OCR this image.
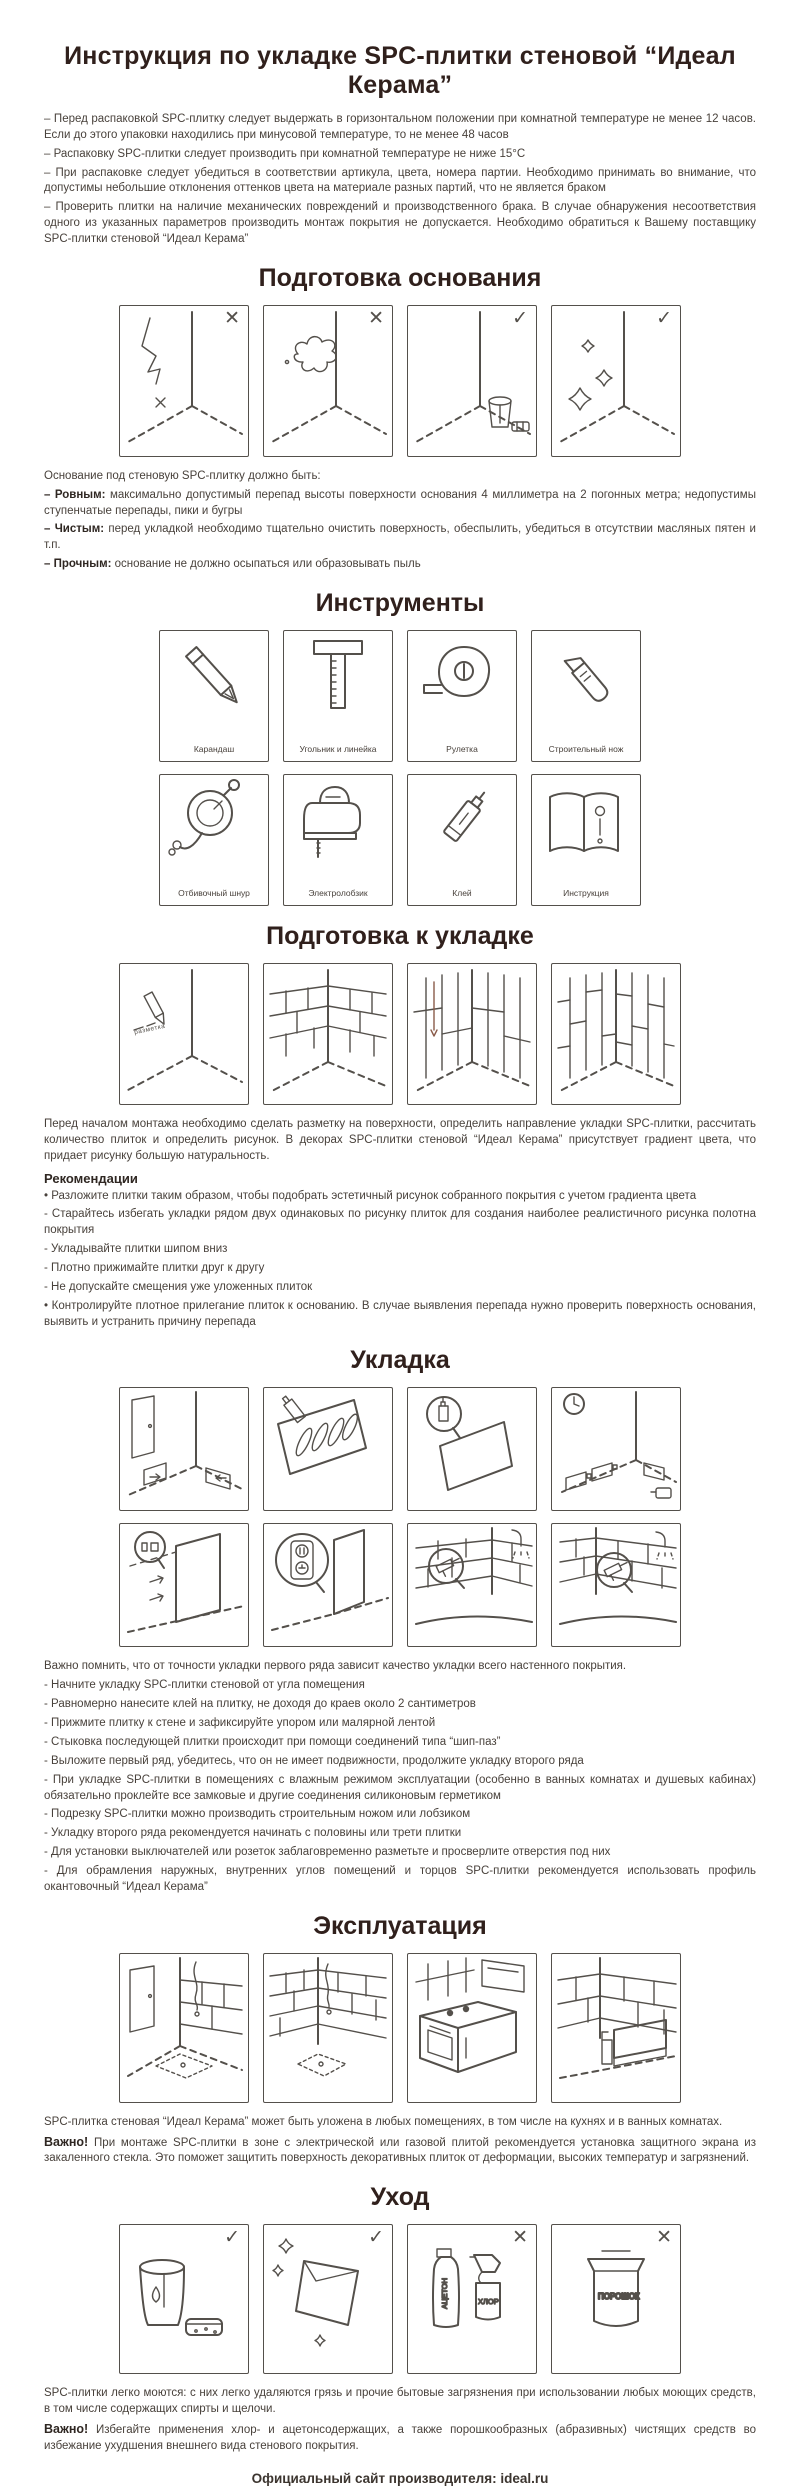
Инструкция по укладке SPC-плитки стеновой “Идеал Керама”

– Перед распаковкой SPC-плитку следует выдержать в горизонтальном положении при комнатной температуре не менее 12 часов. Если до этого упаковки находились при минусовой температуре, то не менее 48 часов

– Распаковку SPC-плитки следует производить при комнатной температуре не ниже 15°С

– При распаковке следует убедиться в соответствии артикула, цвета, номера партии. Необходимо принимать во внимание, что допустимы небольшие отклонения оттенков цвета на материале разных партий, что не является браком

– Проверить плитки на наличие механических повреждений и производственного брака. В случае обнаружения несоответствия одного из указанных параметров производить монтаж покрытия не допускается. Необходимо обратиться к Вашему поставщику SPC-плитки стеновой “Идеал Керама”

Подготовка основания
✕	✕	✓	✓

Основание под стеновую SPC-плитку должно быть:

– Ровным: максимально допустимый перепад высоты поверхности основания 4 миллиметра на 2 погонных метра; недопустимы ступенчатые перепады, пики и бугры

– Чистым: перед укладкой необходимо тщательно очистить поверхность, обеспылить, убедиться в отсутствии масляных пятен и т.п.

– Прочным: основание не должно осыпаться или образовывать пыль

Инструменты
Карандаш	Угольник и линейка	Рулетка	Строительный нож
Отбивочный шнур	Электролобзик	Клей	Инструкция
Подготовка к укладке
разметка

Перед началом монтажа необходимо сделать разметку на поверхности, определить направление укладки SPC-плитки, рассчитать количество плиток и определить рисунок. В декорах SPC-плитки стеновой “Идеал Керама” присутствует градиент цвета, что придает рисунку большую натуральность.

Рекомендации

• Разложите плитки таким образом, чтобы подобрать эстетичный рисунок собранного покрытия с учетом градиента цвета

- Старайтесь избегать укладки рядом двух одинаковых по рисунку плиток для создания наиболее реалистичного рисунка полотна покрытия

- Укладывайте плитки шипом вниз

- Плотно прижимайте плитки друг к другу

- Не допускайте смещения уже уложенных плиток

• Контролируйте плотное прилегание плиток к основанию. В случае выявления перепада нужно проверить поверхность основания, выявить и устранить причину перепада

Укладка

Важно помнить, что от точности укладки первого ряда зависит качество укладки всего настенного покрытия.

- Начните укладку SPC-плитки стеновой от угла помещения

- Равномерно нанесите клей на плитку, не доходя до краев около 2 сантиметров

- Прижмите плитку к стене и зафиксируйте упором или малярной лентой

- Стыковка последующей плитки происходит при помощи соединений типа “шип-паз”

- Выложите первый ряд, убедитесь, что он не имеет подвижности, продолжите укладку второго ряда

- При укладке SPC-плитки в помещениях с влажным режимом эксплуатации (особенно в ванных комнатах и душевых кабинах) обязательно проклейте все замковые и другие соединения силиконовым герметиком

- Подрезку SPC-плитки можно производить строительным ножом или лобзиком

- Укладку второго ряда рекомендуется начинать с половины или трети плитки

- Для установки выключателей или розеток заблаговременно разметьте и просверлите отверстия под них

- Для обрамления наружных, внутренних углов помещений и торцов SPC-плитки рекомендуется использовать профиль окантовочный “Идеал Керама”

Эксплуатация

SPC-плитка стеновая “Идеал Керама” может быть уложена в любых помещениях, в том числе на кухнях и в ванных комнатах.

Важно! При монтаже SPC-плитки в зоне с электрической или газовой плитой рекомендуется установка защитного экрана из закаленного стекла. Это поможет защитить поверхность декоративных плиток от деформации, высоких температур и загрязнений.

Уход
✓	✓	✕
АЦЕТОН	ХЛОР
✕
ПОРОШОК

SPC-плитки легко моются: с них легко удаляются грязь и прочие бытовые загрязнения при использовании любых моющих средств, в том числе содержащих спирты и щелочи.

Важно! Избегайте применения хлор- и ацетонсодержащих, а также порошкообразных (абразивных) чистящих средств во избежание ухудшения внешнего вида стенового покрытия.

Официальный сайт производителя: ideal.ru
